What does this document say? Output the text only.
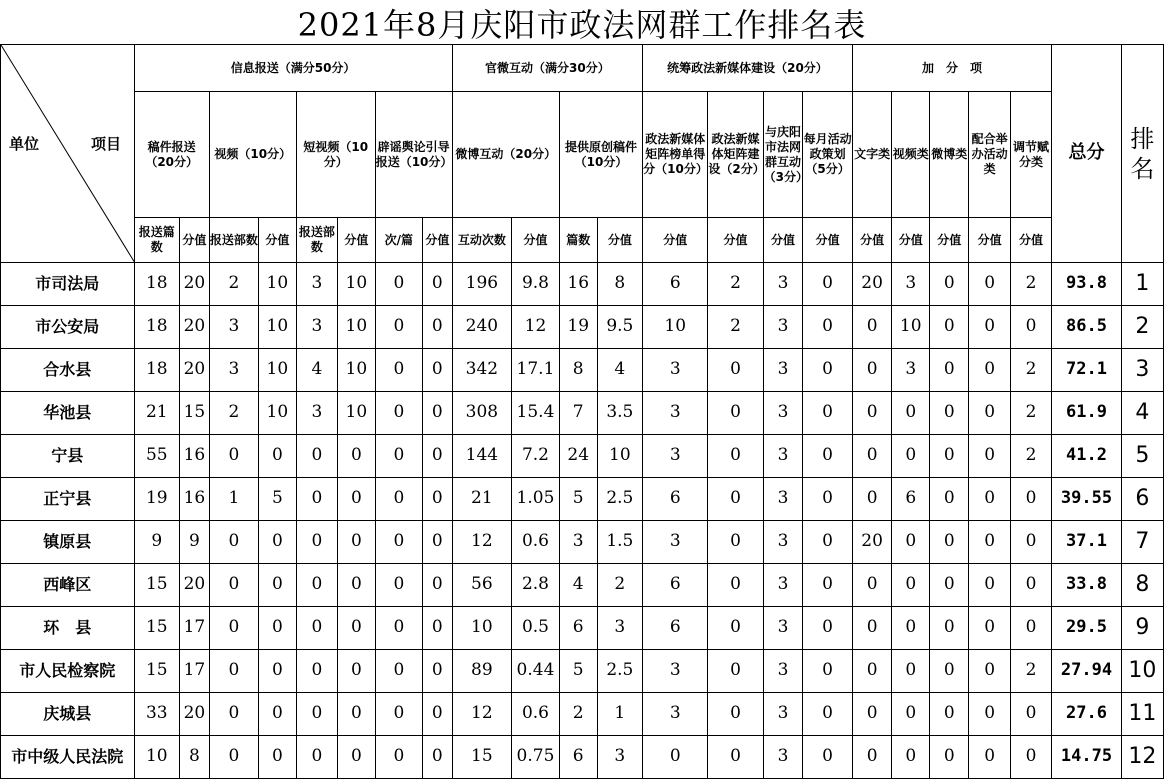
2021年8月庆阳市政法网群工作排名表
单位 项目	信息报送（满分50分）								官微互动（满分30分）				统筹政法新媒体建设（20分）				加　分　项					总分	排名
	稿件报送（20分）		视频（10分）		短视频（10分）		辟谣舆论引导报送（10分）		微博互动（20分）		提供原创稿件（10分）		政法新媒体矩阵榜单得分（10分）	政法新媒体矩阵建设（2分）	与庆阳市法网群互动（3分）	每月活动政策划（5分）	文字类	视频类	微博类	配合举办活动类	调节赋分类		
	报送篇数	分值	报送部数	分值	报送部数	分值	次/篇	分值	互动次数	分值	篇数	分值	分值	分值	分值	分值	分值	分值	分值	分值	分值		
市司法局	18	20	2	10	3	10	0	0	196	9.8	16	8	6	2	3	0	20	3	0	0	2	93.8	1
市公安局	18	20	3	10	3	10	0	0	240	12	19	9.5	10	2	3	0	0	10	0	0	0	86.5	2
合水县	18	20	3	10	4	10	0	0	342	17.1	8	4	3	0	3	0	0	3	0	0	2	72.1	3
华池县	21	15	2	10	3	10	0	0	308	15.4	7	3.5	3	0	3	0	0	0	0	0	2	61.9	4
宁县	55	16	0	0	0	0	0	0	144	7.2	24	10	3	0	3	0	0	0	0	0	2	41.2	5
正宁县	19	16	1	5	0	0	0	0	21	1.05	5	2.5	6	0	3	0	0	6	0	0	0	39.55	6
镇原县	9	9	0	0	0	0	0	0	12	0.6	3	1.5	3	0	3	0	20	0	0	0	0	37.1	7
西峰区	15	20	0	0	0	0	0	0	56	2.8	4	2	6	0	3	0	0	0	0	0	0	33.8	8
环　县	15	17	0	0	0	0	0	0	10	0.5	6	3	6	0	3	0	0	0	0	0	0	29.5	9
市人民检察院	15	17	0	0	0	0	0	0	89	0.44	5	2.5	3	0	3	0	0	0	0	0	2	27.94	10
庆城县	33	20	0	0	0	0	0	0	12	0.6	2	1	3	0	3	0	0	0	0	0	0	27.6	11
市中级人民法院	10	8	0	0	0	0	0	0	15	0.75	6	3	0	0	3	0	0	0	0	0	0	14.75	12
